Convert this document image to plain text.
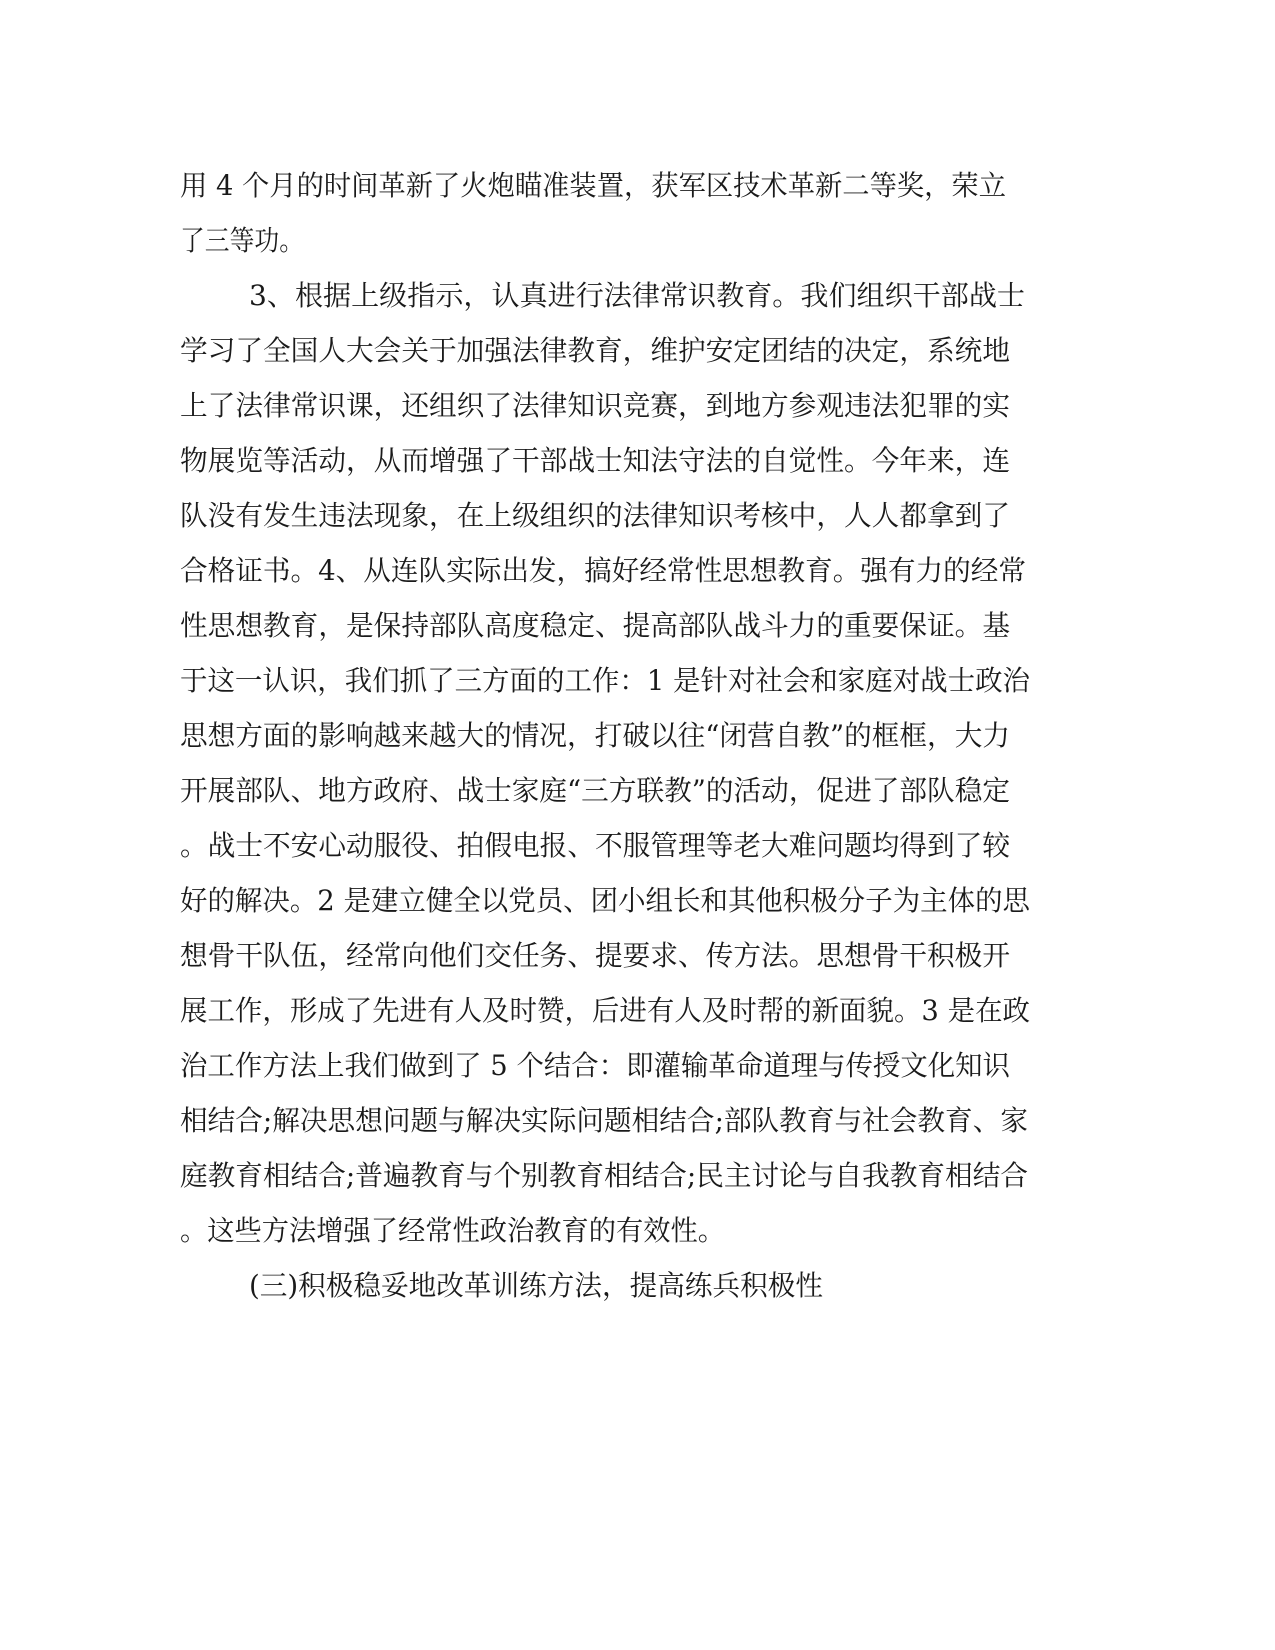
用 4 个月的时间革新了火炮瞄准装置，获军区技术革新二等奖，荣立
了三等功。
3、根据上级指示，认真进行法律常识教育。我们组织干部战士
学习了全国人大会关于加强法律教育，维护安定团结的决定，系统地
上了法律常识课，还组织了法律知识竞赛，到地方参观违法犯罪的实
物展览等活动，从而增强了干部战士知法守法的自觉性。今年来，连
队没有发生违法现象，在上级组织的法律知识考核中，人人都拿到了
合格证书。4、从连队实际出发，搞好经常性思想教育。强有力的经常
性思想教育，是保持部队高度稳定、提高部队战斗力的重要保证。基
于这一认识，我们抓了三方面的工作：1 是针对社会和家庭对战士政治
思想方面的影响越来越大的情况，打破以往“闭营自教”的框框，大力
开展部队、地方政府、战士家庭“三方联教”的活动，促进了部队稳定
。战士不安心动服役、拍假电报、不服管理等老大难问题均得到了较
好的解决。2 是建立健全以党员、团小组长和其他积极分子为主体的思
想骨干队伍，经常向他们交任务、提要求、传方法。思想骨干积极开
展工作，形成了先进有人及时赞，后进有人及时帮的新面貌。3 是在政
治工作方法上我们做到了 5 个结合：即灌输革命道理与传授文化知识
相结合;解决思想问题与解决实际问题相结合;部队教育与社会教育、家
庭教育相结合;普遍教育与个别教育相结合;民主讨论与自我教育相结合
。这些方法增强了经常性政治教育的有效性。
(三)积极稳妥地改革训练方法，提高练兵积极性
